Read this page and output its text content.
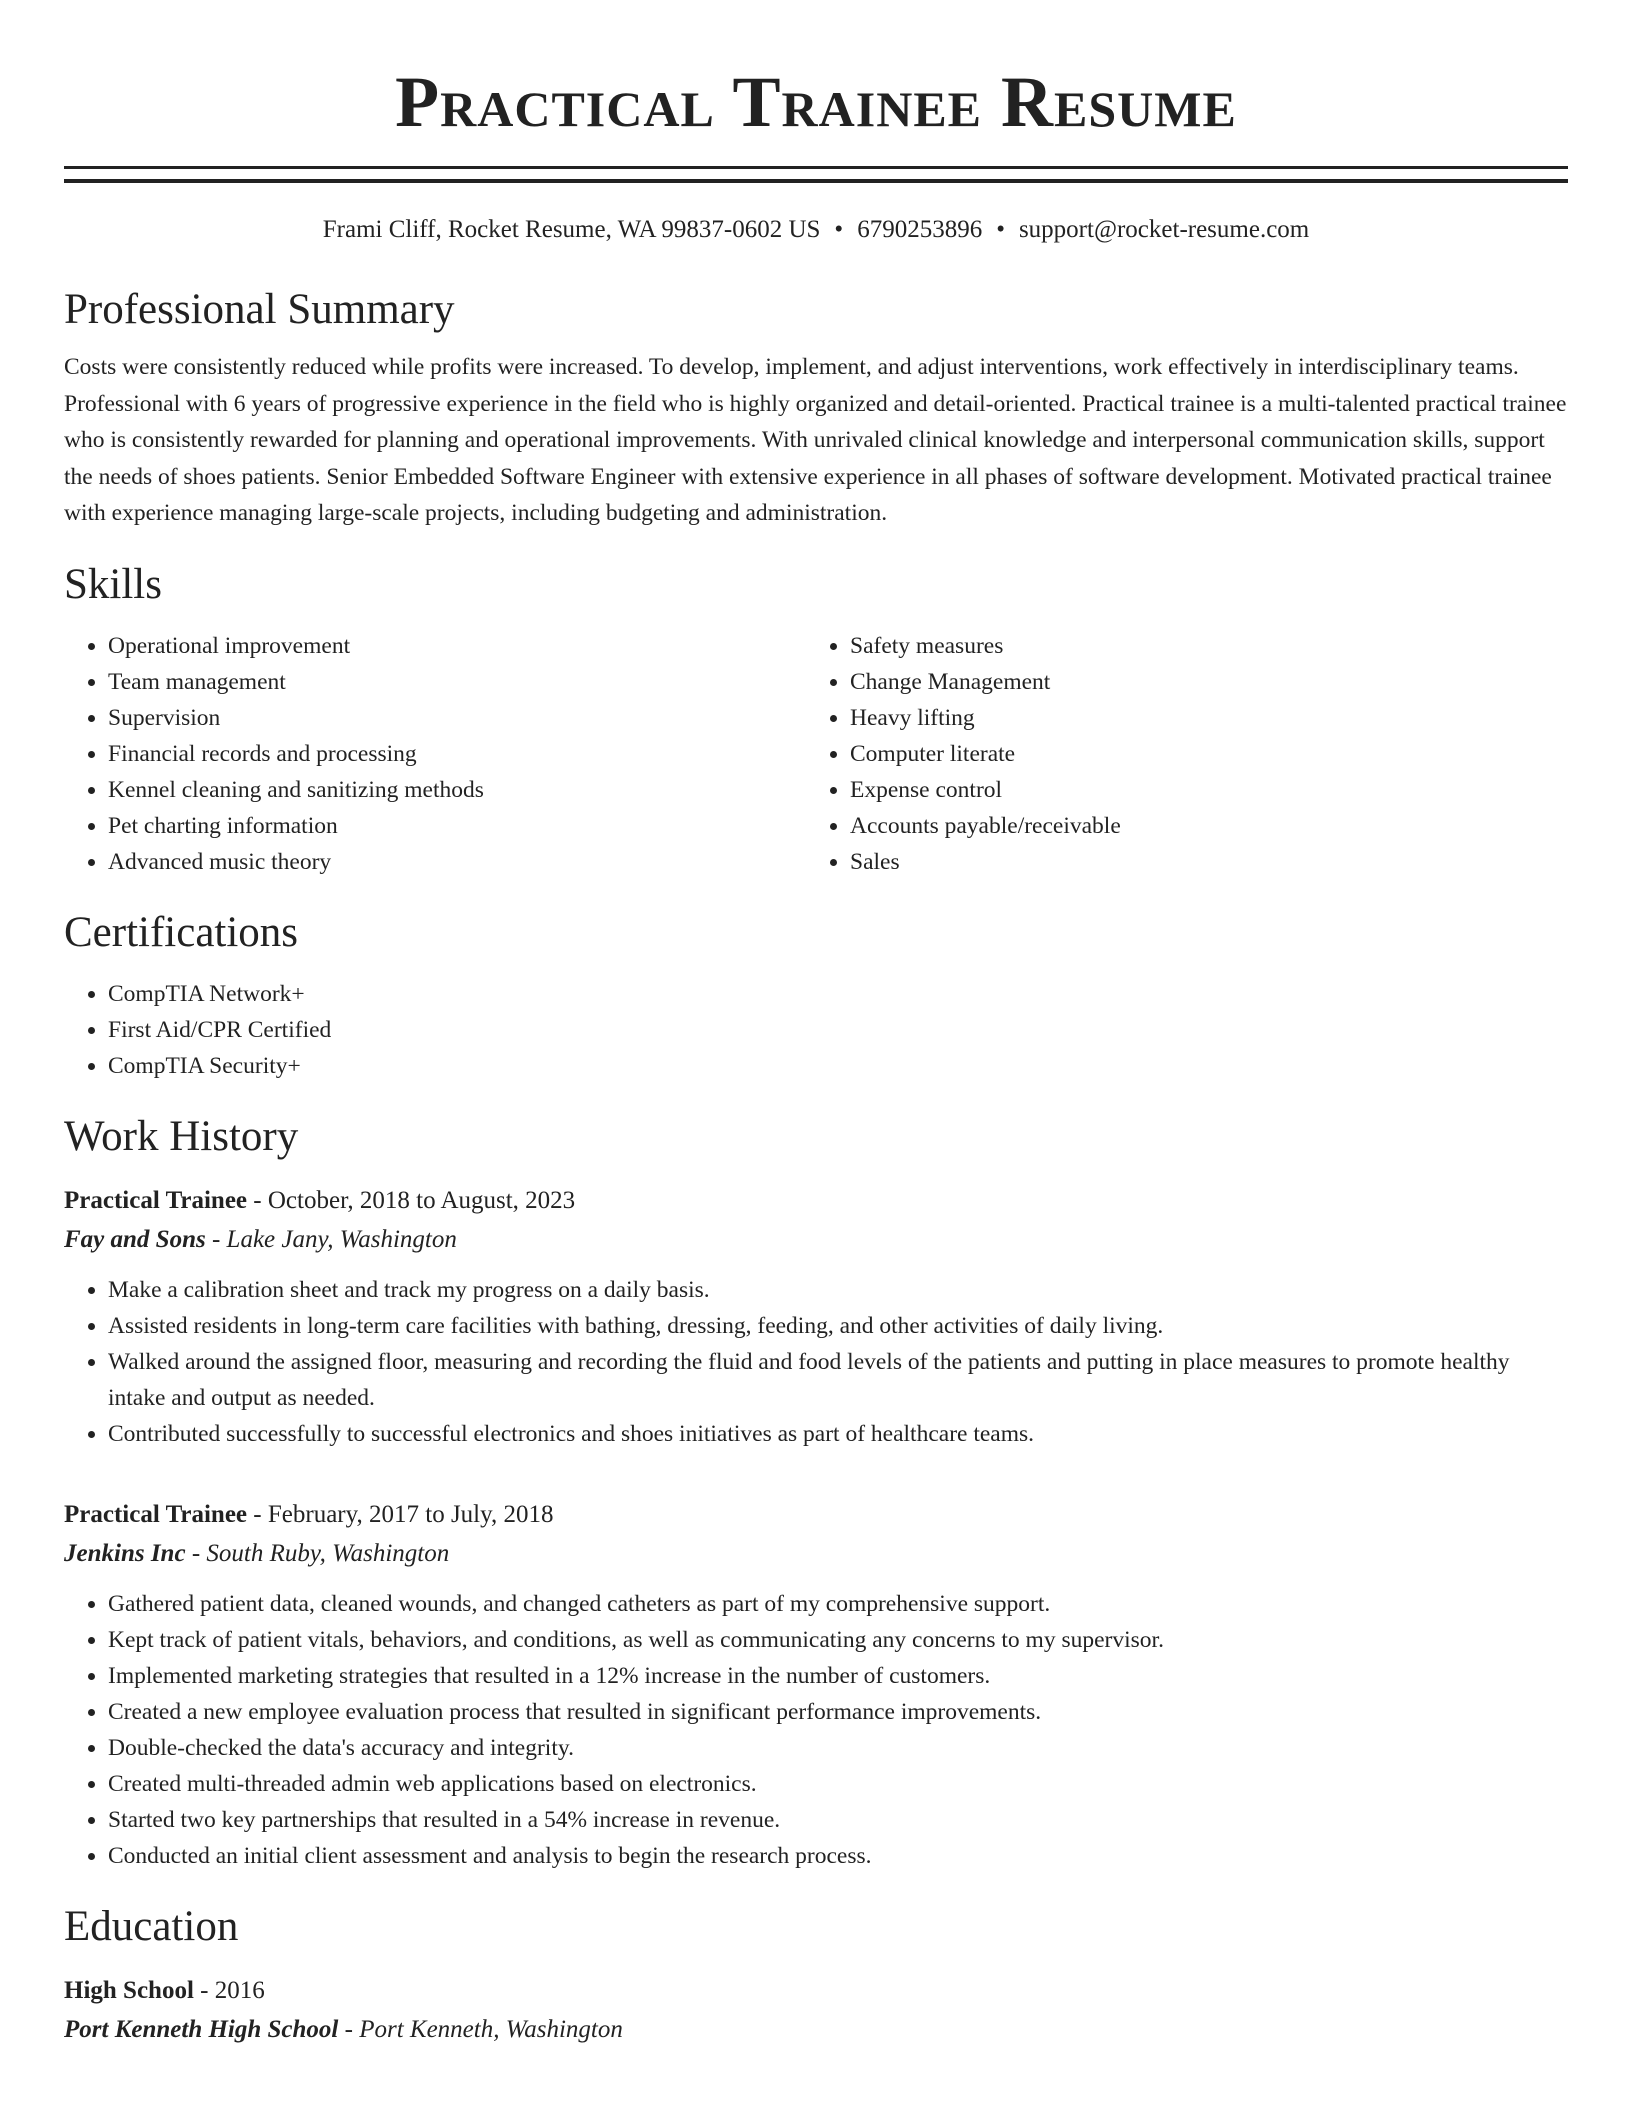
Practical Trainee Resume
Frami Cliff, Rocket Resume, WA 99837-0602 US • 6790253896 • support@rocket-resume.com
Professional Summary

Costs were consistently reduced while profits were increased. To develop, implement, and adjust interventions, work effectively in interdisciplinary teams. Professional with 6 years of progressive experience in the field who is highly organized and detail-oriented. Practical trainee is a multi-talented practical trainee who is consistently rewarded for planning and operational improvements. With unrivaled clinical knowledge and interpersonal communication skills, support the needs of shoes patients. Senior Embedded Software Engineer with extensive experience in all phases of software development. Motivated practical trainee with experience managing large-scale projects, including budgeting and administration.

Skills
• Operational improvement
• Team management
• Supervision
• Financial records and processing
• Kennel cleaning and sanitizing methods
• Pet charting information
• Advanced music theory
• Safety measures
• Change Management
• Heavy lifting
• Computer literate
• Expense control
• Accounts payable/receivable
• Sales
Certifications
• CompTIA Network+
• First Aid/CPR Certified
• CompTIA Security+
Work History
Practical Trainee - October, 2018 to August, 2023
Fay and Sons - Lake Jany, Washington
• Make a calibration sheet and track my progress on a daily basis.
• Assisted residents in long-term care facilities with bathing, dressing, feeding, and other activities of daily living.
• Walked around the assigned floor, measuring and recording the fluid and food levels of the patients and putting in place measures to promote healthy intake and output as needed.
• Contributed successfully to successful electronics and shoes initiatives as part of healthcare teams.
Practical Trainee - February, 2017 to July, 2018
Jenkins Inc - South Ruby, Washington
• Gathered patient data, cleaned wounds, and changed catheters as part of my comprehensive support.
• Kept track of patient vitals, behaviors, and conditions, as well as communicating any concerns to my supervisor.
• Implemented marketing strategies that resulted in a 12% increase in the number of customers.
• Created a new employee evaluation process that resulted in significant performance improvements.
• Double-checked the data's accuracy and integrity.
• Created multi-threaded admin web applications based on electronics.
• Started two key partnerships that resulted in a 54% increase in revenue.
• Conducted an initial client assessment and analysis to begin the research process.
Education
High School - 2016
Port Kenneth High School - Port Kenneth, Washington
